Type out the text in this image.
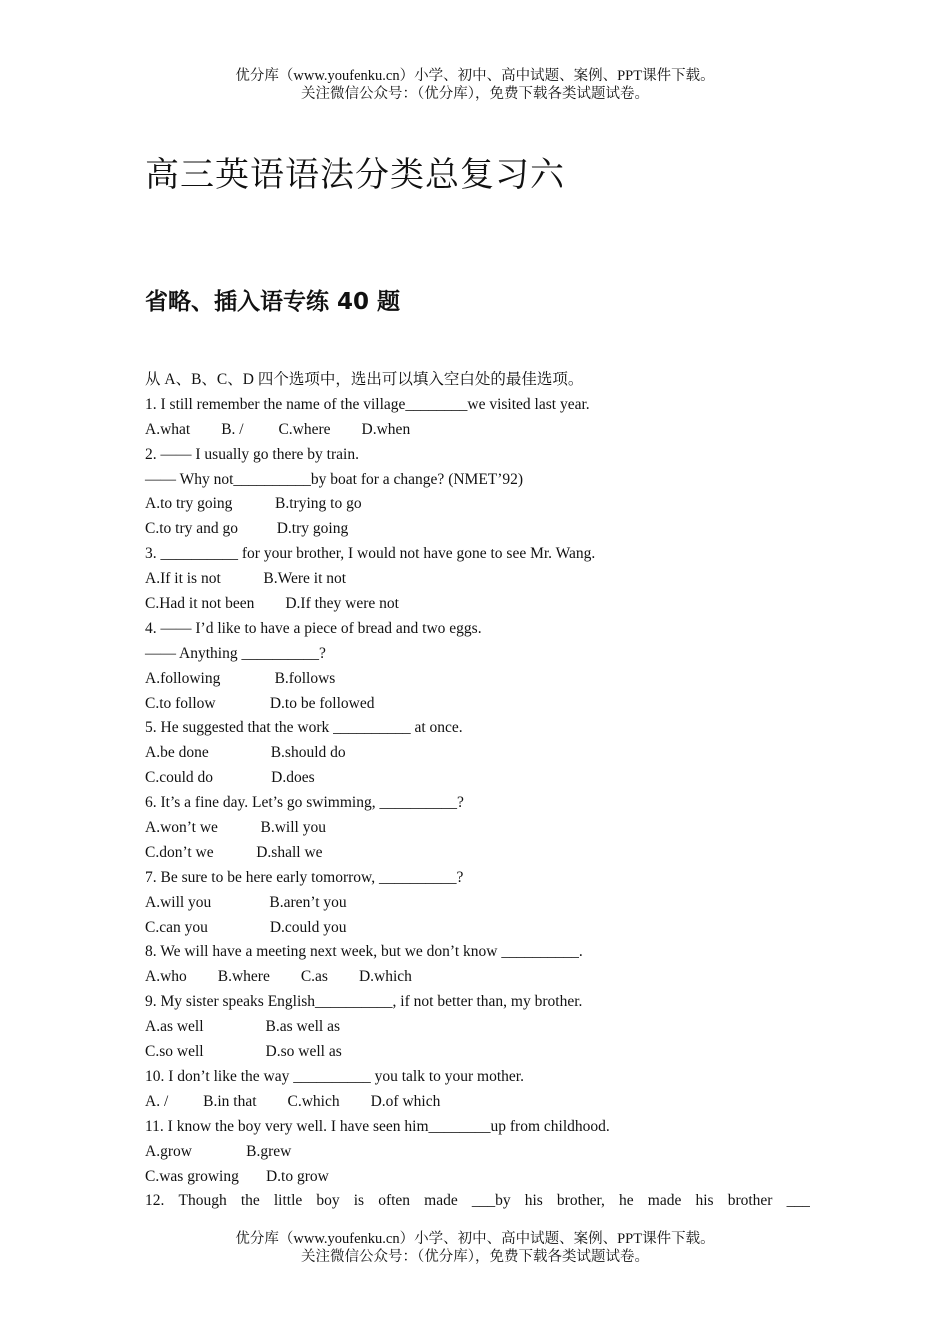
优分库（www.youfenku.cn）小学、初中、高中试题、案例、PPT课件下载。
关注微信公众号：（优分库），免费下载各类试题试卷。
高三英语语法分类总复习六
省略、插入语专练 40 题
从 A、B、C、D 四个选项中，选出可以填入空白处的最佳选项。
1. I still remember the name of the village________we visited last year.
A.what        B. /         C.where        D.when
2. —— I usually go there by train.
—— Why not__________by boat for a change? (NMET’92)
A.to try going           B.trying to go
C.to try and go          D.try going
3. __________ for your brother, I would not have gone to see Mr. Wang.
A.If it is not           B.Were it not
C.Had it not been        D.If they were not
4. —— I’d like to have a piece of bread and two eggs.
—— Anything __________?
A.following              B.follows
C.to follow              D.to be followed
5. He suggested that the work __________ at once.
A.be done                B.should do
C.could do               D.does
6. It’s a fine day. Let’s go swimming, __________?
A.won’t we           B.will you
C.don’t we           D.shall we
7. Be sure to be here early tomorrow, __________?
A.will you               B.aren’t you
C.can you                D.could you
8. We will have a meeting next week, but we don’t know __________.
A.who        B.where        C.as        D.which
9. My sister speaks English__________, if not better than, my brother.
A.as well                B.as well as
C.so well                D.so well as
10. I don’t like the way __________ you talk to your mother.
A. /         B.in that        C.which        D.of which
11. I know the boy very well. I have seen him________up from childhood.
A.grow              B.grew
C.was growing       D.to grow
12. Though the little boy is often made ___by his brother, he made his brother ___
优分库（www.youfenku.cn）小学、初中、高中试题、案例、PPT课件下载。
关注微信公众号：（优分库），免费下载各类试题试卷。
